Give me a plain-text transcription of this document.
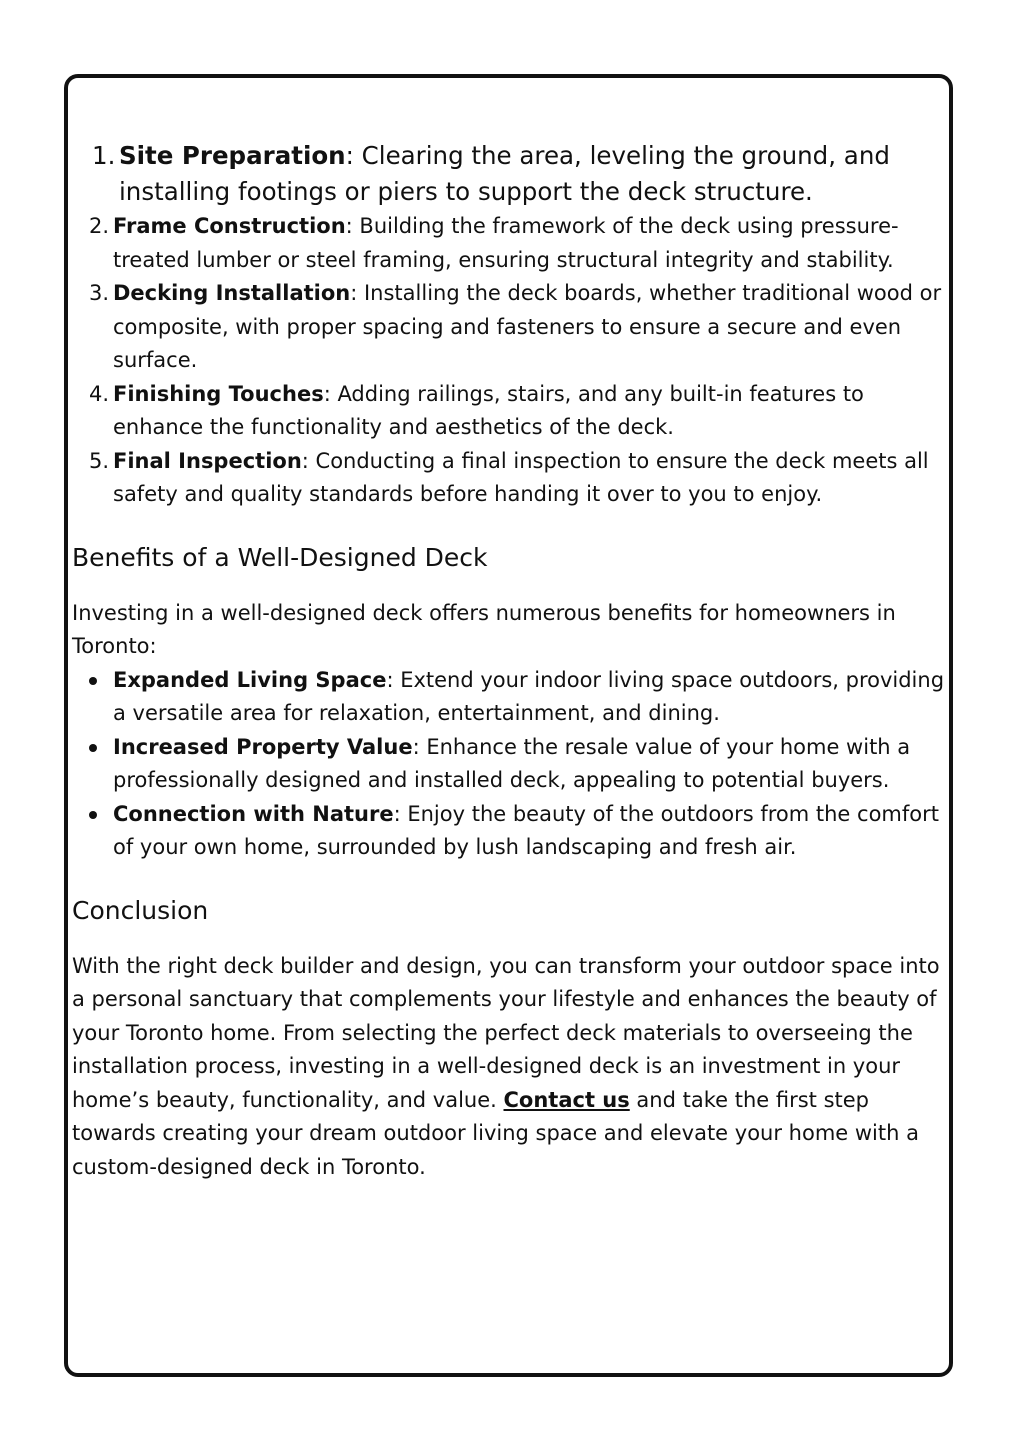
1. Site Preparation: Clearing the area, leveling the ground, and installing footings or piers to support the deck structure.
2. Frame Construction: Building the framework of the deck using pressure-treated lumber or steel framing, ensuring structural integrity and stability.
3. Decking Installation: Installing the deck boards, whether traditional wood or composite, with proper spacing and fasteners to ensure a secure and even surface.
4. Finishing Touches: Adding railings, stairs, and any built-in features to enhance the functionality and aesthetics of the deck.
5. Final Inspection: Conducting a final inspection to ensure the deck meets all safety and quality standards before handing it over to you to enjoy.
Benefits of a Well-Designed Deck

Investing in a well-designed deck offers numerous benefits for homeowners in Toronto:

Expanded Living Space: Extend your indoor living space outdoors, providing a versatile area for relaxation, entertainment, and dining.
Increased Property Value: Enhance the resale value of your home with a professionally designed and installed deck, appealing to potential buyers.
Connection with Nature: Enjoy the beauty of the outdoors from the comfort of your own home, surrounded by lush landscaping and fresh air.
Conclusion

With the right deck builder and design, you can transform your outdoor space into a personal sanctuary that complements your lifestyle and enhances the beauty of your Toronto home. From selecting the perfect deck materials to overseeing the installation process, investing in a well-designed deck is an investment in your home’s beauty, functionality, and value. Contact us and take the first step towards creating your dream outdoor living space and elevate your home with a custom-designed deck in Toronto.
